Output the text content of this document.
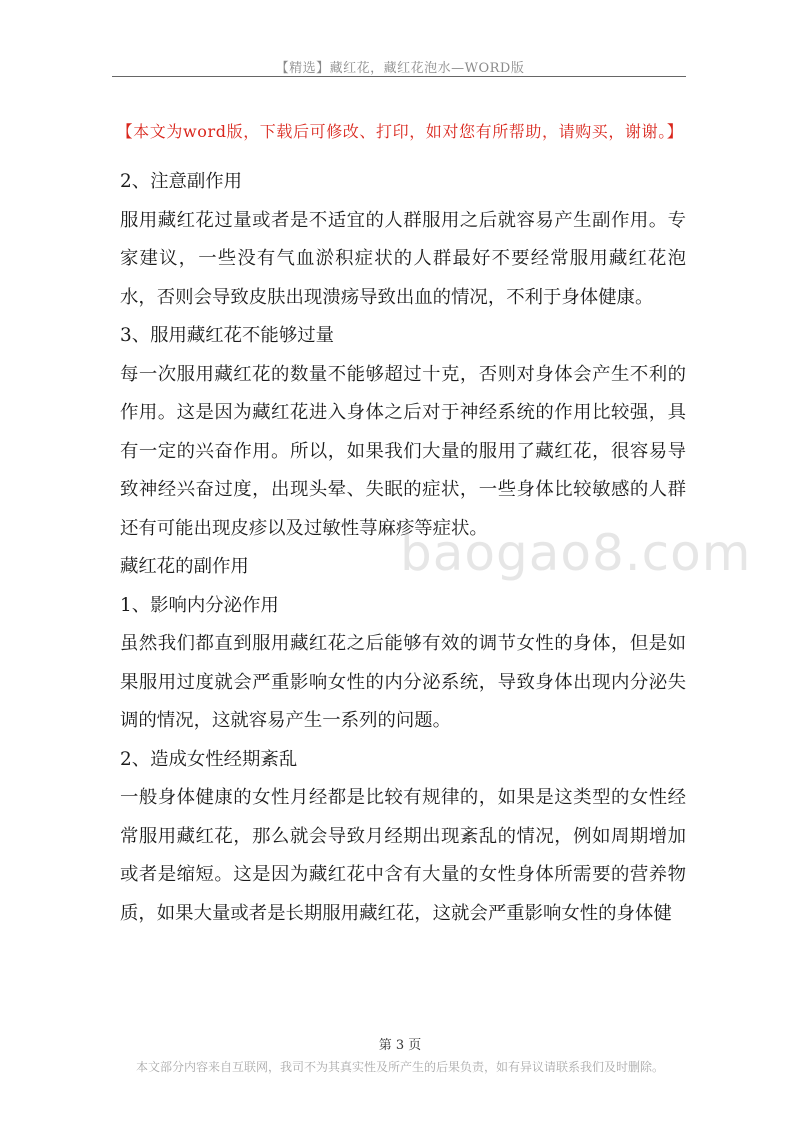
【精选】藏红花，藏红花泡水—WORD版
【本文为word版，下载后可修改、打印，如对您有所帮助，请购买，谢谢。】

2、注意副作用

服用藏红花过量或者是不适宜的人群服用之后就容易产生副作用。专家建议，一些没有气血淤积症状的人群最好不要经常服用藏红花泡水，否则会导致皮肤出现溃疡导致出血的情况，不利于身体健康。

3、服用藏红花不能够过量

每一次服用藏红花的数量不能够超过十克，否则对身体会产生不利的作用。这是因为藏红花进入身体之后对于神经系统的作用比较强，具有一定的兴奋作用。所以，如果我们大量的服用了藏红花，很容易导致神经兴奋过度，出现头晕、失眠的症状，一些身体比较敏感的人群还有可能出现皮疹以及过敏性荨麻疹等症状。

藏红花的副作用

1、影响内分泌作用

虽然我们都直到服用藏红花之后能够有效的调节女性的身体，但是如果服用过度就会严重影响女性的内分泌系统，导致身体出现内分泌失调的情况，这就容易产生一系列的问题。

2、造成女性经期紊乱

一般身体健康的女性月经都是比较有规律的，如果是这类型的女性经常服用藏红花，那么就会导致月经期出现紊乱的情况，例如周期增加或者是缩短。这是因为藏红花中含有大量的女性身体所需要的营养物质，如果大量或者是长期服用藏红花，这就会严重影响女性的身体健

baogao8.com
第 3 页
本文部分内容来自互联网，我司不为其真实性及所产生的后果负责，如有异议请联系我们及时删除。
